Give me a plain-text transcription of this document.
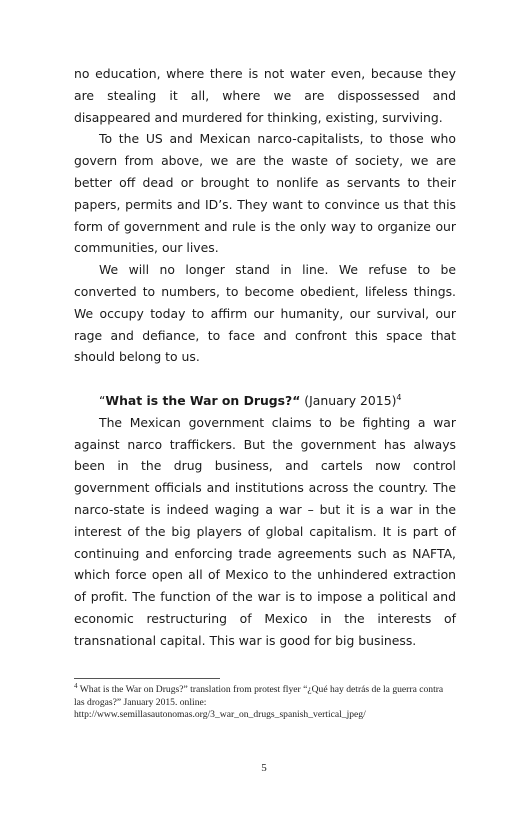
no education, where there is not water even, because they are stealing it all, where we are dispossessed and disappeared and murdered for thinking, existing, surviving.

To the US and Mexican narco-capitalists, to those who govern from above, we are the waste of society, we are better off dead or brought to nonlife as servants to their papers, permits and ID’s. They want to convince us that this form of government and rule is the only way to organize our communities, our lives.

We will no longer stand in line. We refuse to be converted to numbers, to become obedient, lifeless things. We occupy today to affirm our humanity, our survival, our rage and defiance, to face and confront this space that should belong to us.

“What is the War on Drugs?“ (January 2015)$^4$

The Mexican government claims to be fighting a war against narco traffickers. But the government has always been in the drug business, and cartels now control government officials and institutions across the country. The narco-state is indeed waging a war – but it is a war in the interest of the big players of global capitalism. It is part of continuing and enforcing trade agreements such as NAFTA, which force open all of Mexico to the unhindered extraction of profit. The function of the war is to impose a political and economic restructuring of Mexico in the interests of transnational capital. This war is good for big business.

$^4$ What is the War on Drugs?” translation from protest flyer “¿Qué hay detrás de la guerra contra las drogas?” January 2015. online: http://www.semillasautonomas.org/3_war_on_drugs_spanish_vertical_jpeg/
5
